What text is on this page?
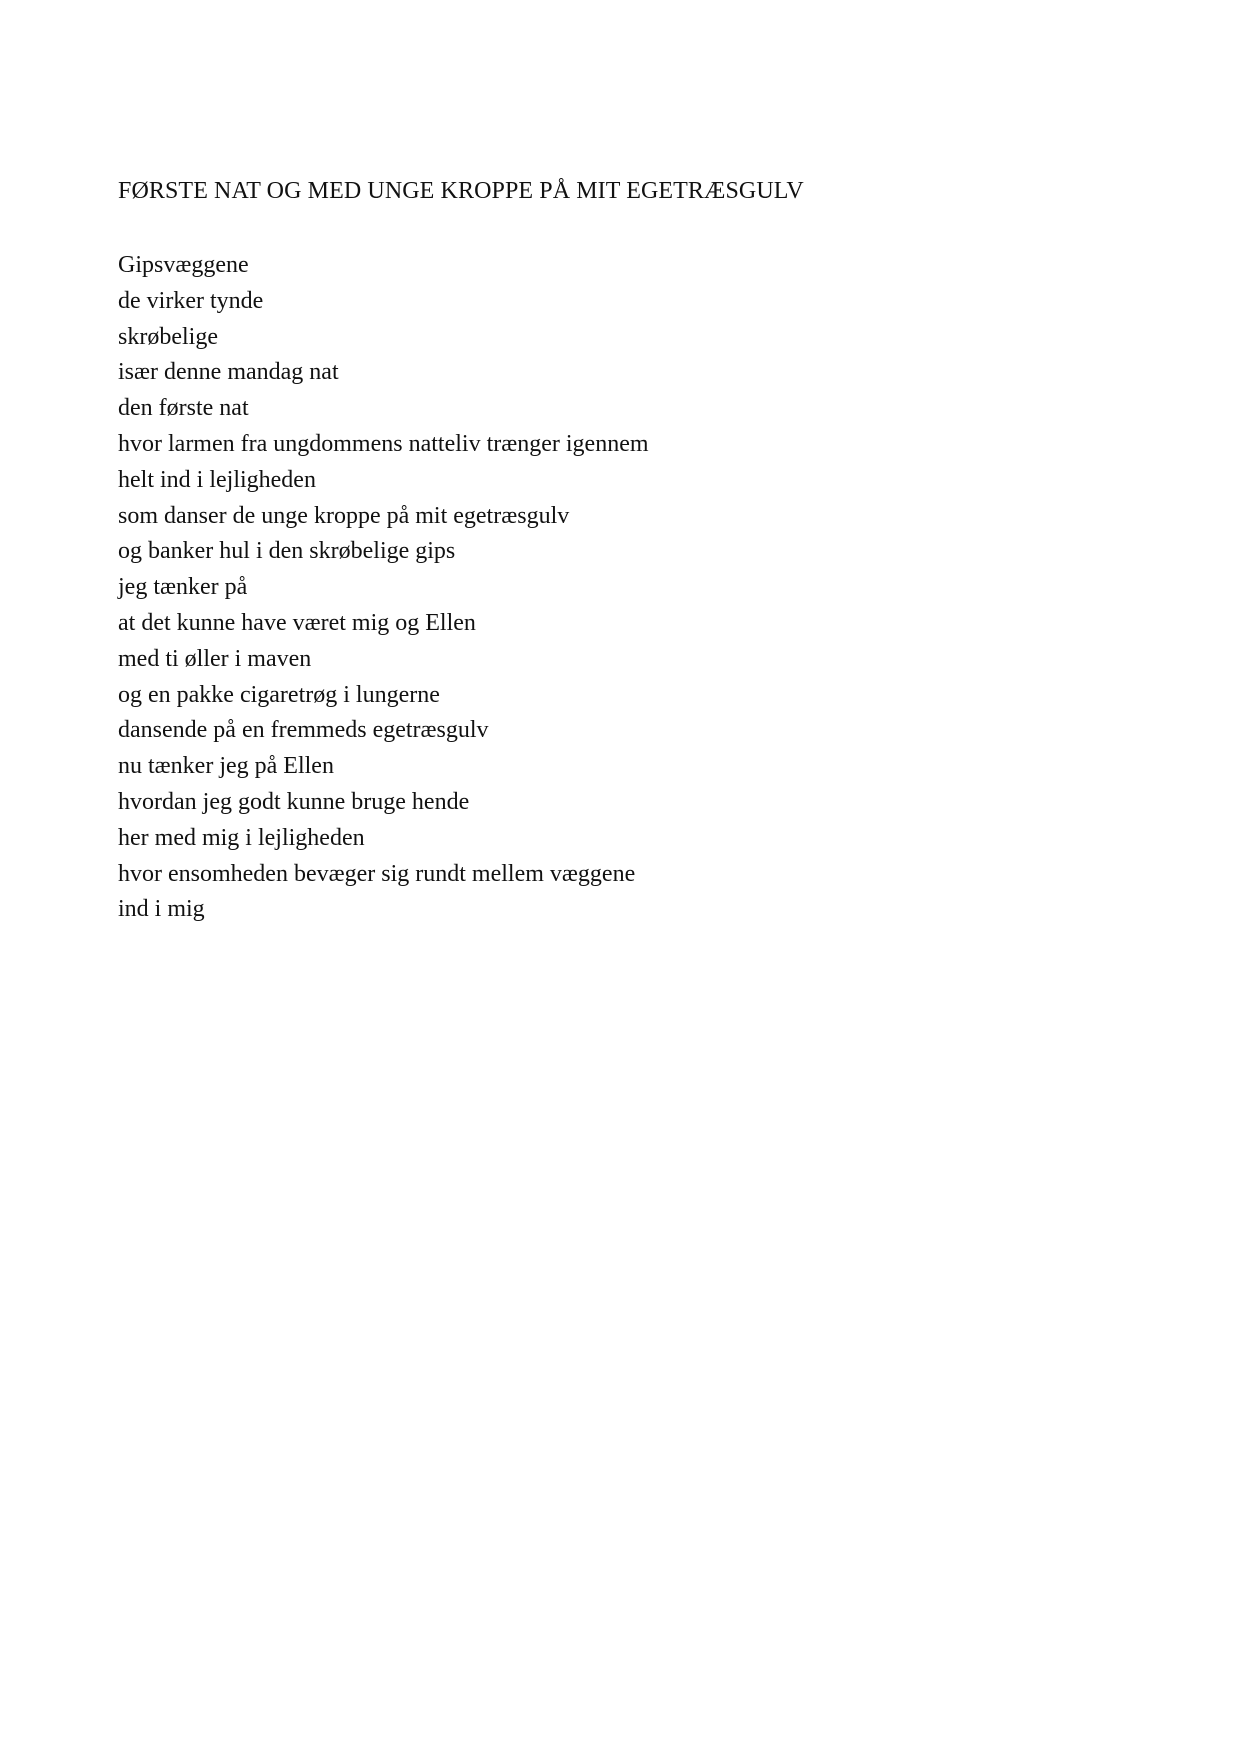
FØRSTE NAT OG MED UNGE KROPPE PÅ MIT EGETRÆSGULV
Gipsvæggene
de virker tynde
skrøbelige
især denne mandag nat
den første nat
hvor larmen fra ungdommens natteliv trænger igennem
helt ind i lejligheden
som danser de unge kroppe på mit egetræsgulv
og banker hul i den skrøbelige gips
jeg tænker på
at det kunne have været mig og Ellen
med ti øller i maven
og en pakke cigaretrøg i lungerne
dansende på en fremmeds egetræsgulv
nu tænker jeg på Ellen
hvordan jeg godt kunne bruge hende
her med mig i lejligheden
hvor ensomheden bevæger sig rundt mellem væggene
ind i mig
